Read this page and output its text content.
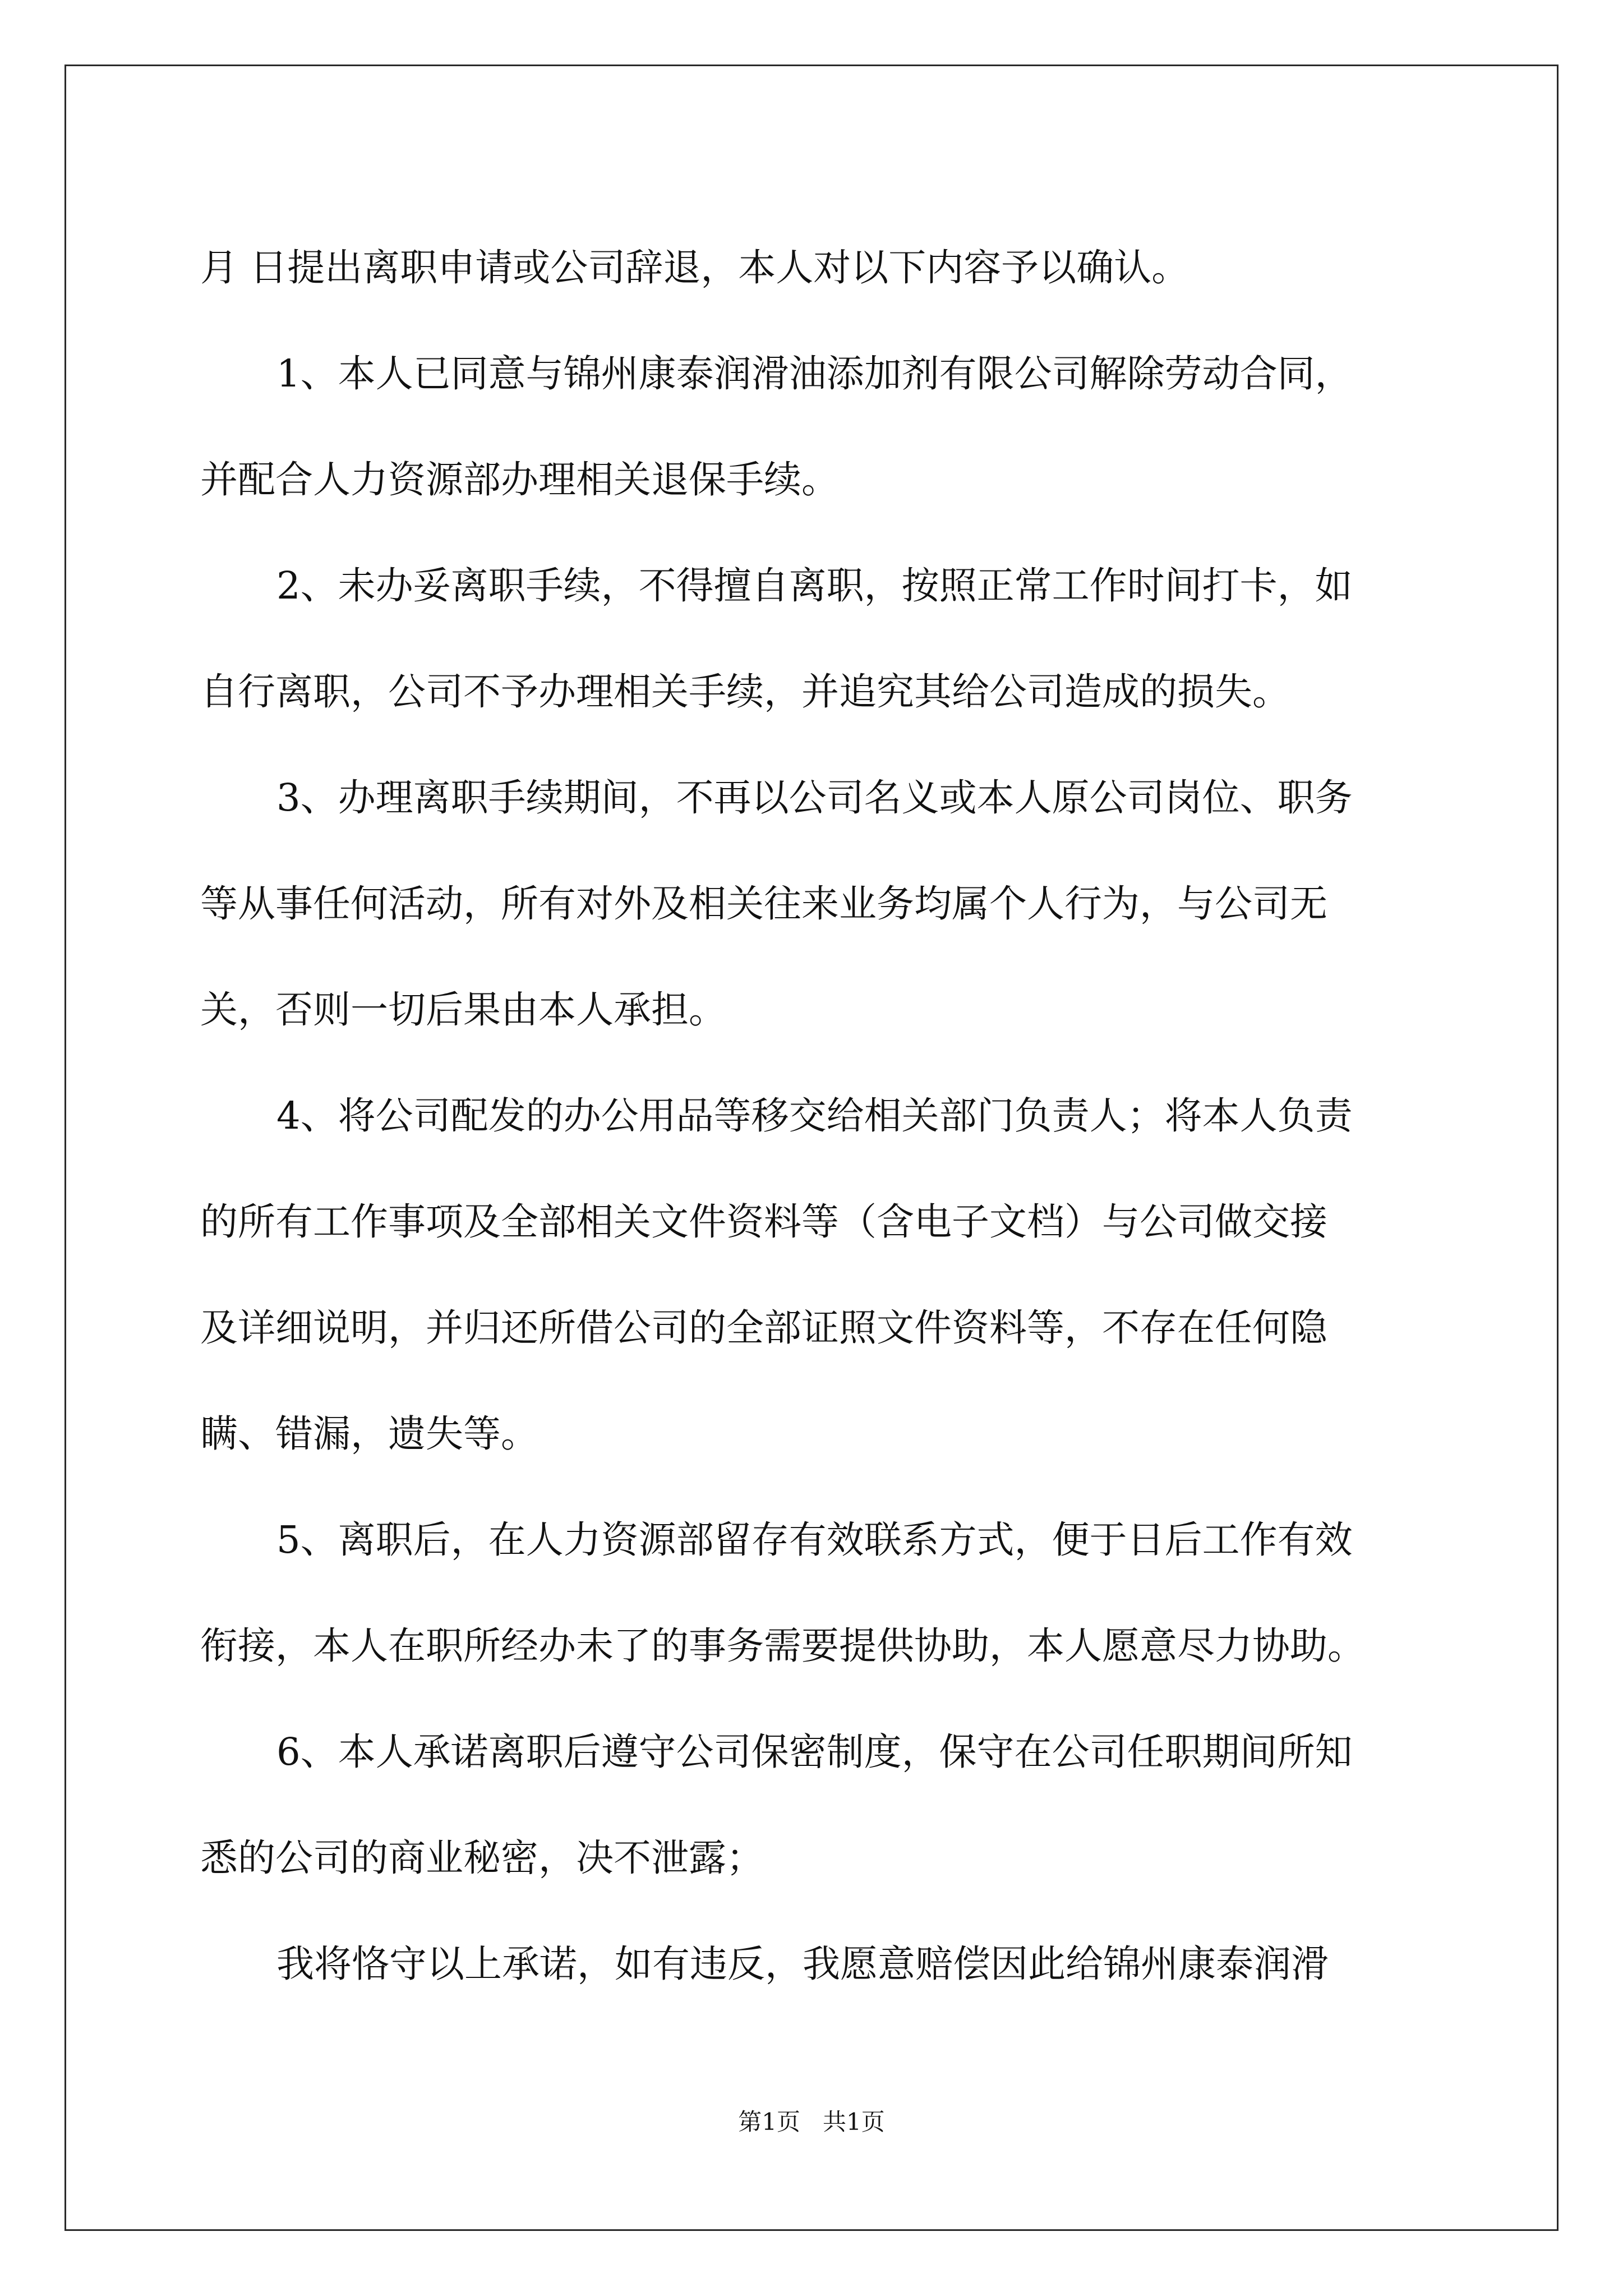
月 日提出离职申请或公司辞退，本人对以下内容予以确认。
1、本人已同意与锦州康泰润滑油添加剂有限公司解除劳动合同，
并配合人力资源部办理相关退保手续。
2、未办妥离职手续，不得擅自离职，按照正常工作时间打卡，如
自行离职，公司不予办理相关手续，并追究其给公司造成的损失。
3、办理离职手续期间，不再以公司名义或本人原公司岗位、职务
等从事任何活动，所有对外及相关往来业务均属个人行为，与公司无
关，否则一切后果由本人承担。
4、将公司配发的办公用品等移交给相关部门负责人；将本人负责
的所有工作事项及全部相关文件资料等（含电子文档）与公司做交接
及详细说明，并归还所借公司的全部证照文件资料等，不存在任何隐
瞒、错漏，遗失等。
5、离职后，在人力资源部留存有效联系方式，便于日后工作有效
衔接，本人在职所经办未了的事务需要提供协助，本人愿意尽力协助。
6、本人承诺离职后遵守公司保密制度，保守在公司任职期间所知
悉的公司的商业秘密，决不泄露；
我将恪守以上承诺，如有违反，我愿意赔偿因此给锦州康泰润滑
第1页   共1页
